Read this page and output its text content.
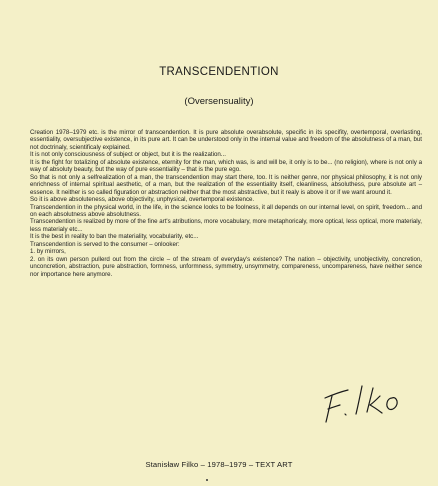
TRANSCENDENTION
(Oversensuality)

Creation 1978–1979 etc. is the mirror of transcendention. It is pure absolute overabsolute, specific in its specifity, overtemporal, overlasting, essentiality, oversubjective existence, in its pure art. It can be understood only in the internal value and freedom of the absolutness of a man, but not doctrinaly, scientificaly explained.

It is not only consciousness of subject or object, but it is the realization...

It is the fight for totalizing of absolute existence, eternity for the man, which was, is and will be, it only is to be... (no religion), where is not only a way of absoluty beauty, but the way of pure essentiality – that is the pure ego.

So that is not only a selfrealization of a man, the transcendention may start there, too. It is neither genre, nor physical philosophy, it is not only enrichness of internal spiritual aesthetic, of a man, but the realization of the essentiality itself, cleanliness, absoluthess, pure absolute art – essence. It neither is so called figuration or abstraction neither that the most abstractive, but it realy is above it or if we want around it.

So it is above absoluteness, above objectivity, unphysical, overtemporal existence.

Transcendention in the physical world, in the life, in the science looks to be foolness, it all depends on our internal level, on spirit, freedom... and on each absolutness above absolutness.

Transcendention is realized by more of the fine art's atributions, more vocabulary, more metaphoricaly, more optical, less optical, more materialy, less materialy etc...

It is the best in reality to ban the materiality, vocabularity, etc...

Transcendention is served to the consumer – onlooker:

1. by mirrors,

2. on its own person pullerd out from the circle – of the stream of everyday's existence? The nation – objectivity, unobjectivity, concretion, unconcretion, abstraction, pure abstraction, formness, unformness, symmetry, unsymmetry, compareness, uncompareness, have neither sence nor importance here anymore.

Stanisław Filko – 1978–1979 – TEXT ART
